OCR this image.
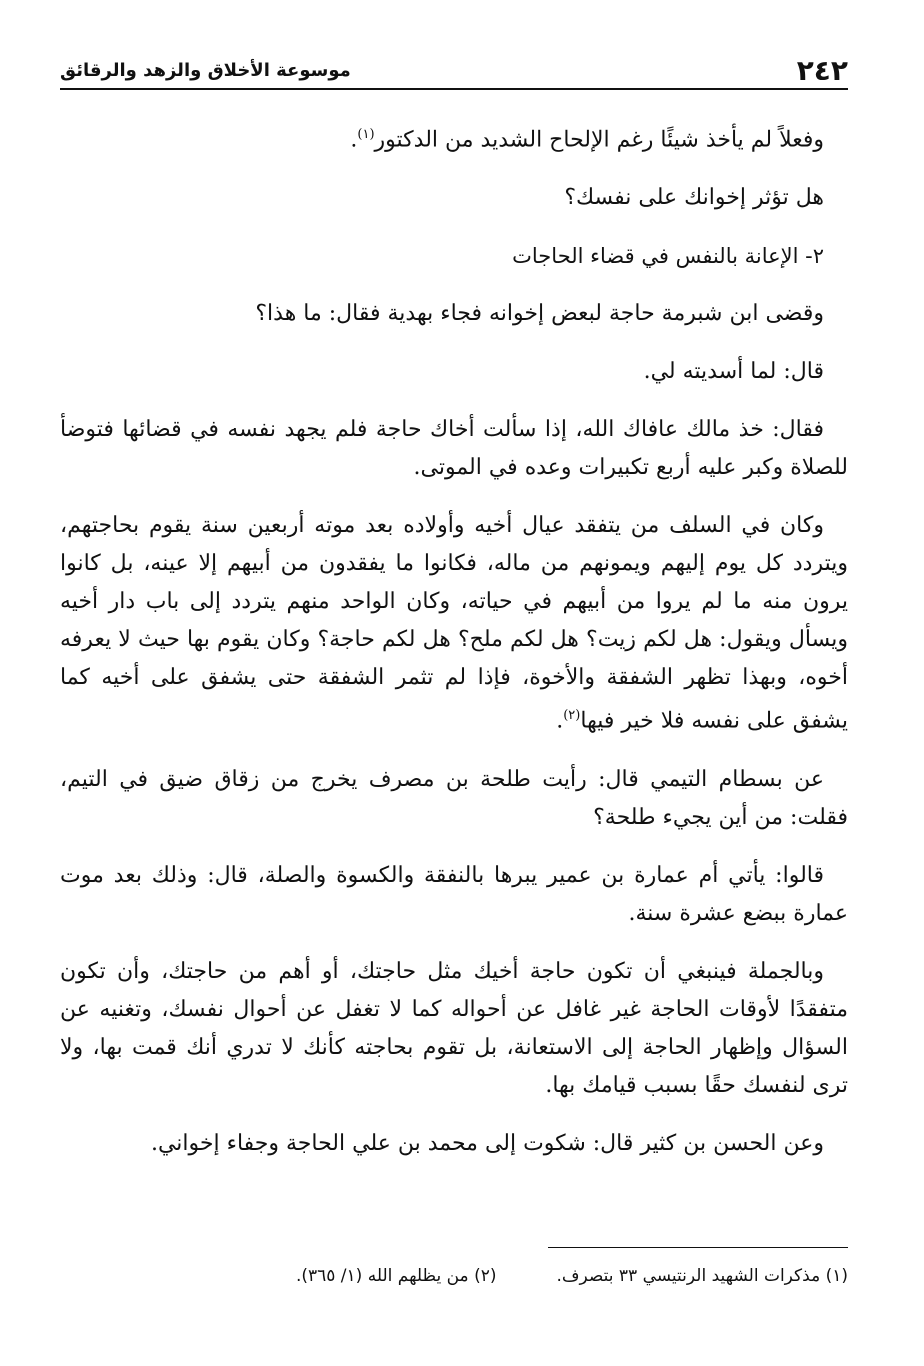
٢٤٢
موسوعة الأخلاق والزهد والرقائق

وفعلاً لم يأخذ شيئًا رغم الإلحاح الشديد من الدكتور$^{(١)}$.

هل تؤثر إخوانك على نفسك؟

٢- الإعانة بالنفس في قضاء الحاجات

وقضى ابن شبرمة حاجة لبعض إخوانه فجاء بهدية فقال: ما هذا؟

قال: لما أسديته لي.

فقال: خذ مالك عافاك الله، إذا سألت أخاك حاجة فلم يجهد نفسه في قضائها فتوضأ للصلاة وكبر عليه أربع تكبيرات وعده في الموتى.

وكان في السلف من يتفقد عيال أخيه وأولاده بعد موته أربعين سنة يقوم بحاجتهم، ويتردد كل يوم إليهم ويمونهم من ماله، فكانوا ما يفقدون من أبيهم إلا عينه، بل كانوا يرون منه ما لم يروا من أبيهم في حياته، وكان الواحد منهم يتردد إلى باب دار أخيه ويسأل ويقول: هل لكم زيت؟ هل لكم ملح؟ هل لكم حاجة؟ وكان يقوم بها حيث لا يعرفه أخوه، وبهذا تظهر الشفقة والأخوة، فإذا لم تثمر الشفقة حتى يشفق على أخيه كما يشفق على نفسه فلا خير فيها$^{(٢)}$.

عن بسطام التيمي قال: رأيت طلحة بن مصرف يخرج من زقاق ضيق في التيم، فقلت: من أين يجيء طلحة؟

قالوا: يأتي أم عمارة بن عمير يبرها بالنفقة والكسوة والصلة، قال: وذلك بعد موت عمارة ببضع عشرة سنة.

وبالجملة فينبغي أن تكون حاجة أخيك مثل حاجتك، أو أهم من حاجتك، وأن تكون متفقدًا لأوقات الحاجة غير غافل عن أحواله كما لا تغفل عن أحوال نفسك، وتغنيه عن السؤال وإظهار الحاجة إلى الاستعانة، بل تقوم بحاجته كأنك لا تدري أنك قمت بها، ولا ترى لنفسك حقًا بسبب قيامك بها.

وعن الحسن بن كثير قال: شكوت إلى محمد بن علي الحاجة وجفاء إخواني.

(١) مذكرات الشهيد الرنتيسي ٣٣ بتصرف.
(٢) من يظلهم الله (١/ ٣٦٥).
